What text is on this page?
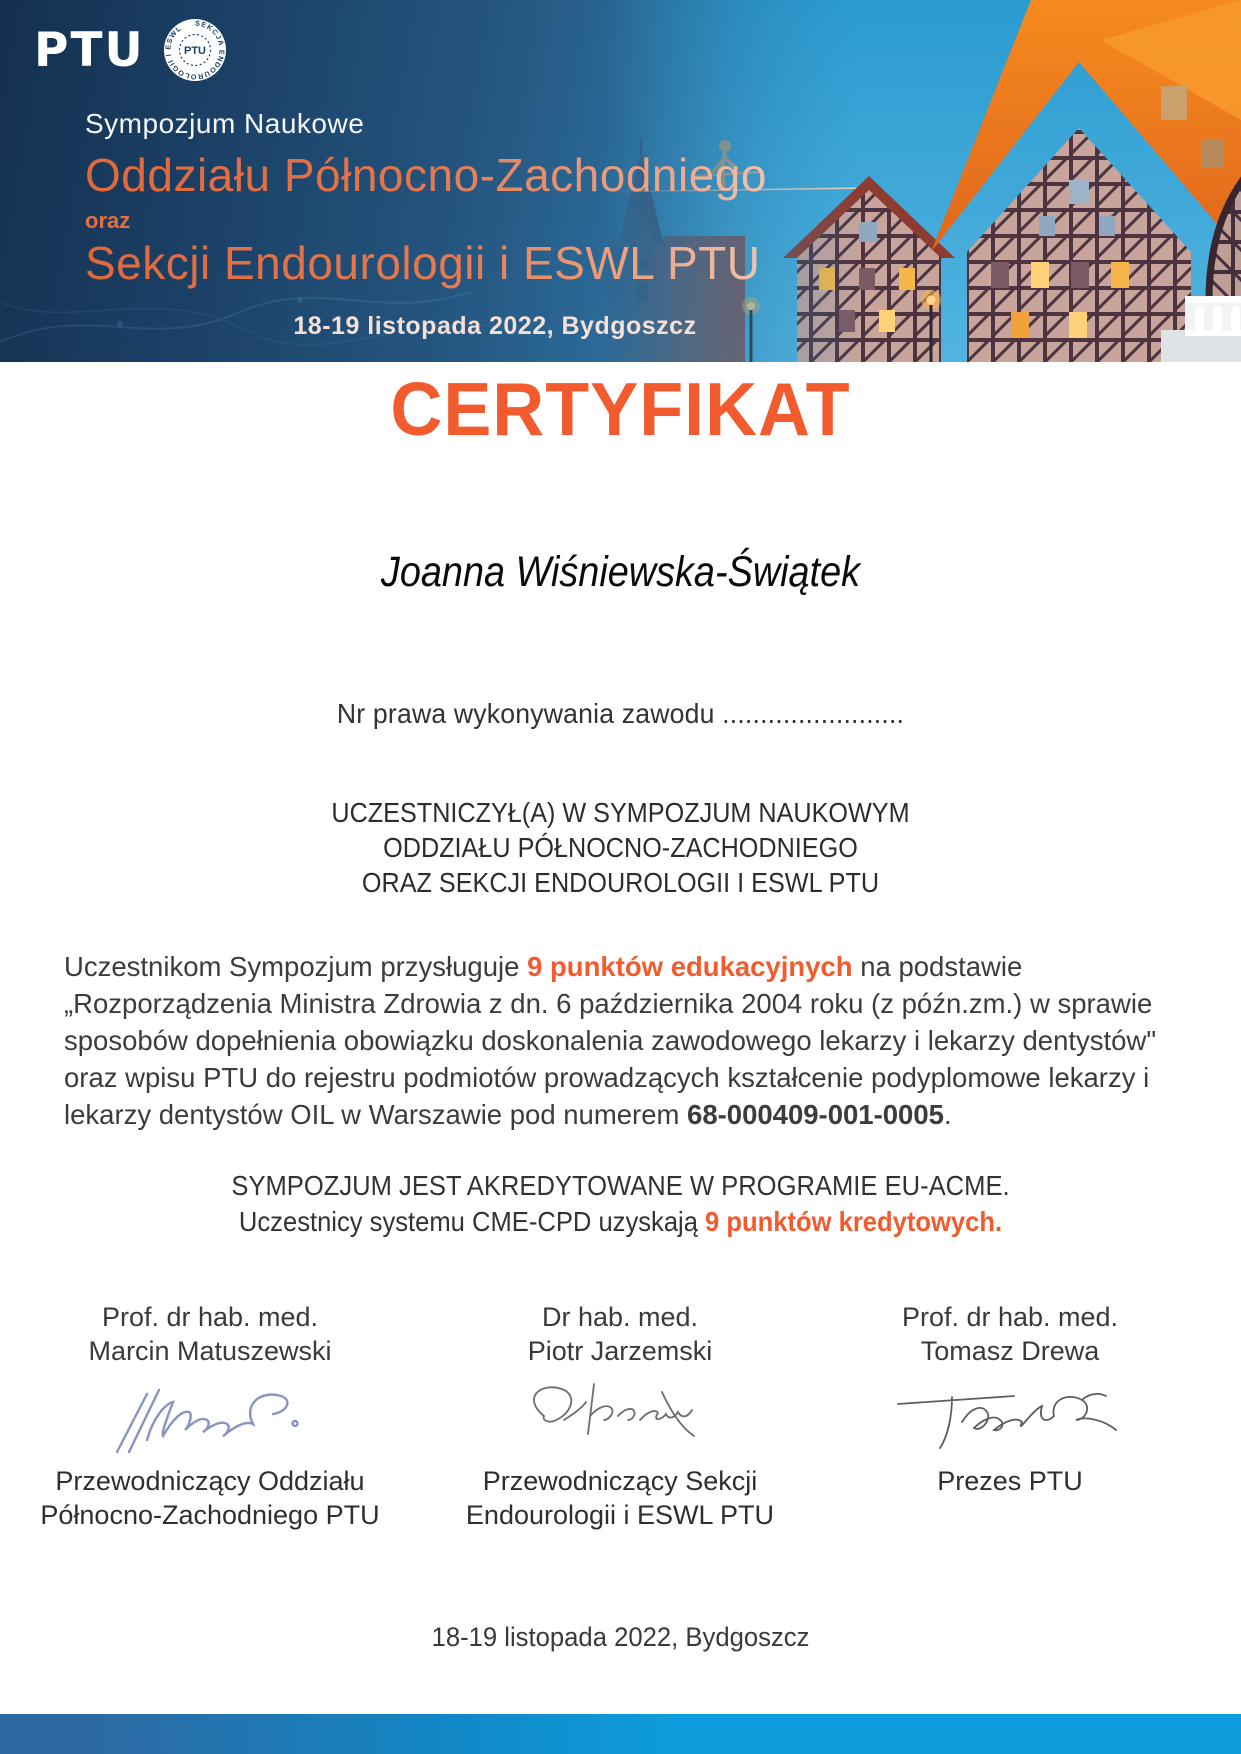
PTU	SEKCJA ENDOUROLOGII I ESWL
PTU
Sympozjum Naukowe
Oddziału Północno-Zachodniego
oraz
Sekcji Endourologii i ESWL PTU
18-19 listopada 2022, Bydgoszcz
CERTYFIKAT
Joanna Wiśniewska-Świątek
Nr prawa wykonywania zawodu ........................
UCZESTNICZYŁ(A) W SYMPOZJUM NAUKOWYM
ODDZIAŁU PÓŁNOCNO-ZACHODNIEGO
ORAZ SEKCJI ENDOUROLOGII I ESWL PTU
Uczestnikom Sympozjum przysługuje 9 punktów edukacyjnych na podstawie „Rozporządzenia Ministra Zdrowia z dn. 6 października 2004 roku (z późn.zm.) w sprawie sposobów dopełnienia obowiązku doskonalenia zawodowego lekarzy i lekarzy dentystów" oraz wpisu PTU do rejestru podmiotów prowadzących kształcenie podyplomowe lekarzy i lekarzy dentystów OIL w Warszawie pod numerem 68-000409-001-0005.
SYMPOZJUM JEST AKREDYTOWANE W PROGRAMIE EU-ACME.
Uczestnicy systemu CME-CPD uzyskają 9 punktów kredytowych.
Prof. dr hab. med.
Marcin Matuszewski
Przewodniczący Oddziału
Północno-Zachodniego PTU
Dr hab. med.
Piotr Jarzemski
Przewodniczący Sekcji
Endourologii i ESWL PTU
Prof. dr hab. med.
Tomasz Drewa
Prezes PTU
18-19 listopada 2022, Bydgoszcz
